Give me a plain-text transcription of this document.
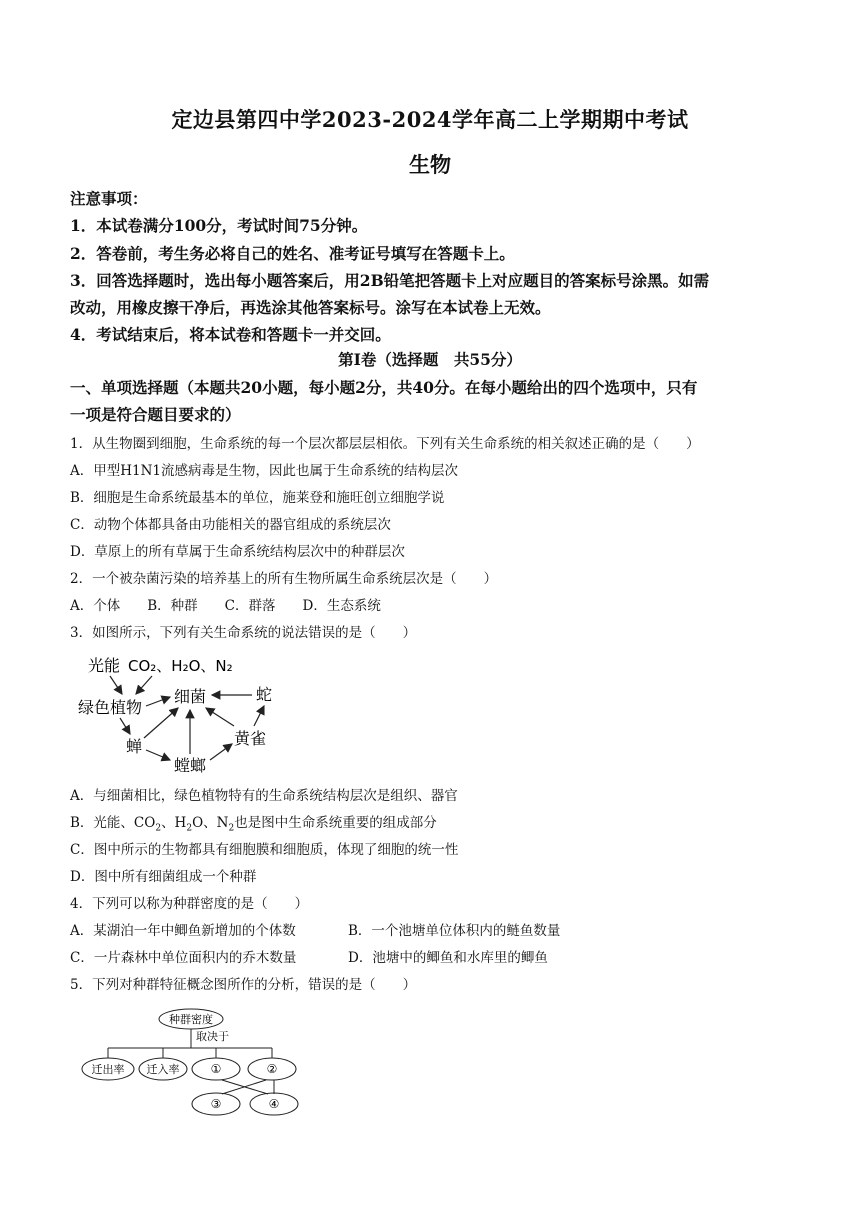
定边县第四中学2023-2024学年高二上学期期中考试
生物
注意事项：
1．本试卷满分100分，考试时间75分钟。
2．答卷前，考生务必将自己的姓名、准考证号填写在答题卡上。
3．回答选择题时，选出每小题答案后，用2B铅笔把答题卡上对应题目的答案标号涂黑。如需
改动，用橡皮擦干净后，再选涂其他答案标号。涂写在本试卷上无效。
4．考试结束后，将本试卷和答题卡一并交回。
第Ⅰ卷（选择题　共55分）
一、单项选择题（本题共20小题，每小题2分，共40分。在每小题给出的四个选项中，只有
一项是符合题目要求的）
1．从生物圈到细胞，生命系统的每一个层次都层层相依。下列有关生命系统的相关叙述正确的是（　　）
A．甲型H1N1流感病毒是生物，因此也属于生命系统的结构层次
B．细胞是生命系统最基本的单位，施莱登和施旺创立细胞学说
C．动物个体都具备由功能相关的器官组成的系统层次
D．草原上的所有草属于生命系统结构层次中的种群层次
2．一个被杂菌污染的培养基上的所有生物所属生命系统层次是（　　）
A．个体　　B．种群　　C．群落　　D．生态系统
3．如图所示，下列有关生命系统的说法错误的是（　　）
光能 CO₂、H₂O、N₂
绿色植物
细菌	蛇
蝉	黄雀
螳螂
A．与细菌相比，绿色植物特有的生命系统结构层次是组织、器官
B．光能、$CO_2$、$H_2O$、$N_2$也是图中生命系统重要的组成部分
C．图中所示的生物都具有细胞膜和细胞质，体现了细胞的统一性
D．图中所有细菌组成一个种群
4．下列可以称为种群密度的是（　　）
A．某湖泊一年中鲫鱼新增加的个体数	B．一个池塘单位体积内的鲢鱼数量
C．一片森林中单位面积内的乔木数量	D．池塘中的鲫鱼和水库里的鲫鱼
5．下列对种群特征概念图所作的分析，错误的是（　　）
种群密度
取决于
迁出率 迁入率	①	②
③	④
